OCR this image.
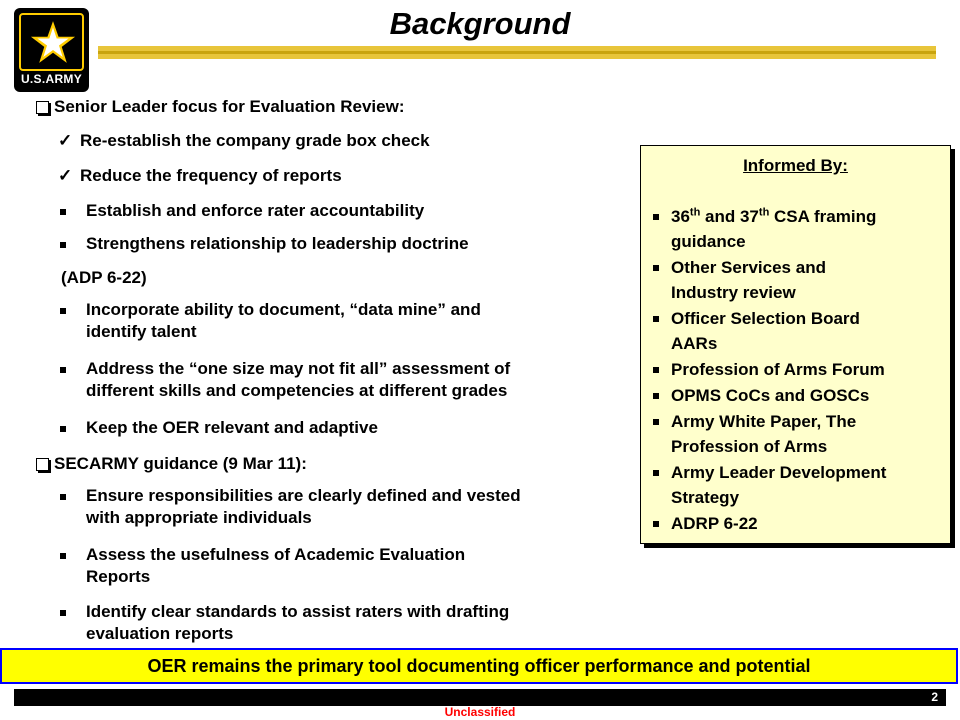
U.S.ARMY
Background
Senior Leader focus for Evaluation Review:
✓ Re-establish the company grade box check
✓ Reduce the frequency of reports
Establish and enforce rater accountability
Strengthens relationship to leadership doctrine
(ADP 6-22)
Incorporate ability to document, “data mine” and
identify talent
Address the “one size may not fit all” assessment of
different skills and competencies at different grades
Keep the OER relevant and adaptive
SECARMY guidance (9 Mar 11):
Ensure responsibilities are clearly defined and vested
with appropriate individuals
Assess the usefulness of Academic Evaluation
Reports
Identify clear standards to assist raters with drafting
evaluation reports
Informed By:
36th and 37th CSA framing
guidance
Other Services and
Industry review
Officer Selection Board
AARs
Profession of Arms Forum
OPMS CoCs and GOSCs
Army White Paper, The
Profession of Arms
Army Leader Development
Strategy
ADRP 6-22
OER remains the primary tool documenting officer performance and potential
2
Unclassified
